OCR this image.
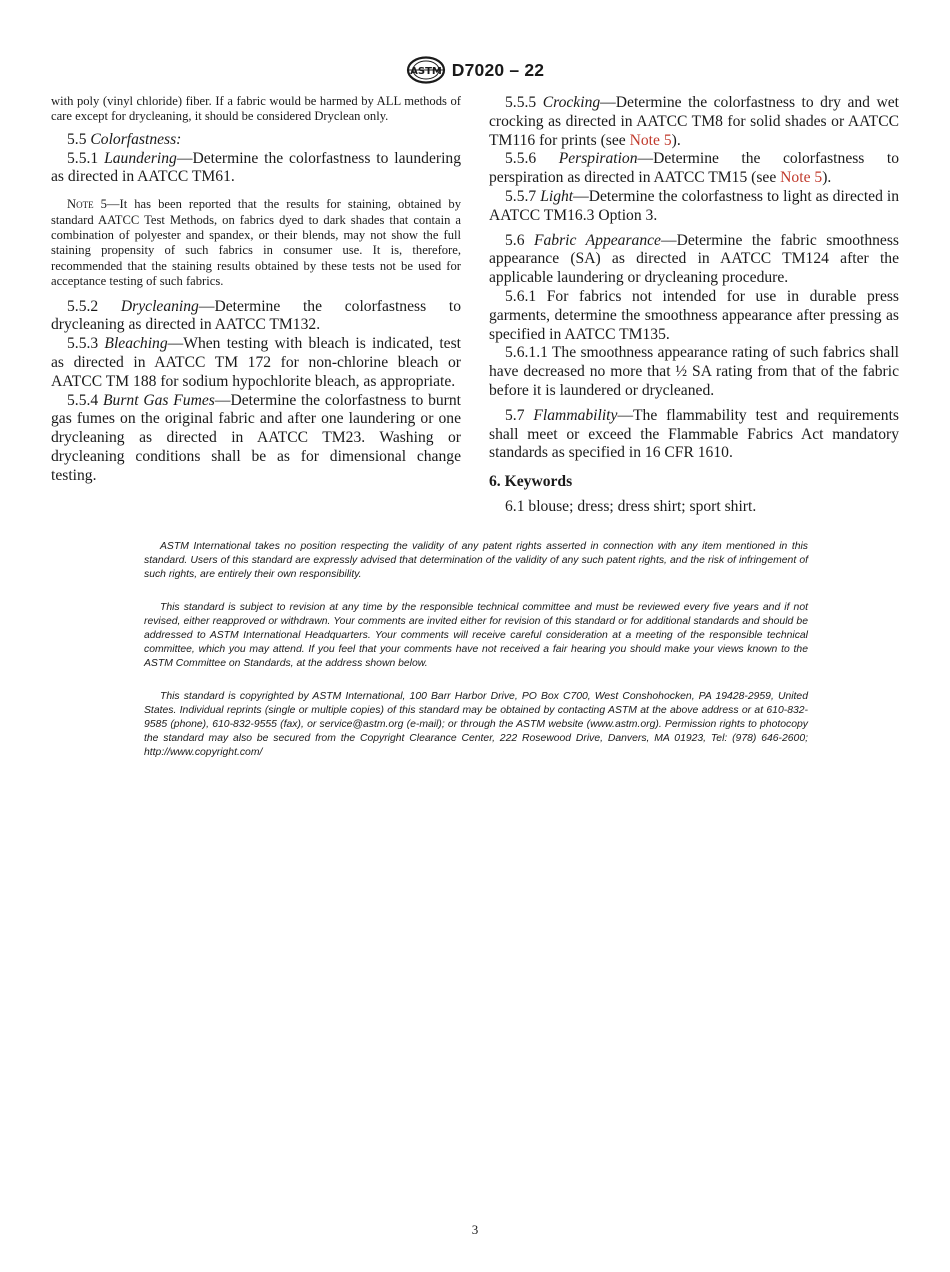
ASTM D7020 – 22

with poly (vinyl chloride) fiber. If a fabric would be harmed by ALL methods of care except for drycleaning, it should be considered Dryclean only.

5.5 Colorfastness:

5.5.1 Laundering—Determine the colorfastness to laundering as directed in AATCC TM61.

Note 5—It has been reported that the results for staining, obtained by standard AATCC Test Methods, on fabrics dyed to dark shades that contain a combination of polyester and spandex, or their blends, may not show the full staining propensity of such fabrics in consumer use. It is, therefore, recommended that the staining results obtained by these tests not be used for acceptance testing of such fabrics.

5.5.2 Drycleaning—Determine the colorfastness to drycleaning as directed in AATCC TM132.

5.5.3 Bleaching—When testing with bleach is indicated, test as directed in AATCC TM 172 for non-chlorine bleach or AATCC TM 188 for sodium hypochlorite bleach, as appropriate.

5.5.4 Burnt Gas Fumes—Determine the colorfastness to burnt gas fumes on the original fabric and after one laundering or one drycleaning as directed in AATCC TM23. Washing or drycleaning conditions shall be as for dimensional change testing.

5.5.5 Crocking—Determine the colorfastness to dry and wet crocking as directed in AATCC TM8 for solid shades or AATCC TM116 for prints (see Note 5).

5.5.6 Perspiration—Determine the colorfastness to perspiration as directed in AATCC TM15 (see Note 5).

5.5.7 Light—Determine the colorfastness to light as directed in AATCC TM16.3 Option 3.

5.6 Fabric Appearance—Determine the fabric smoothness appearance (SA) as directed in AATCC TM124 after the applicable laundering or drycleaning procedure.

5.6.1 For fabrics not intended for use in durable press garments, determine the smoothness appearance after pressing as specified in AATCC TM135.

5.6.1.1 The smoothness appearance rating of such fabrics shall have decreased no more that ½ SA rating from that of the fabric before it is laundered or drycleaned.

5.7 Flammability—The flammability test and requirements shall meet or exceed the Flammable Fabrics Act mandatory standards as specified in 16 CFR 1610.

6. Keywords

6.1 blouse; dress; dress shirt; sport shirt.

ASTM International takes no position respecting the validity of any patent rights asserted in connection with any item mentioned in this standard. Users of this standard are expressly advised that determination of the validity of any such patent rights, and the risk of infringement of such rights, are entirely their own responsibility.

This standard is subject to revision at any time by the responsible technical committee and must be reviewed every five years and if not revised, either reapproved or withdrawn. Your comments are invited either for revision of this standard or for additional standards and should be addressed to ASTM International Headquarters. Your comments will receive careful consideration at a meeting of the responsible technical committee, which you may attend. If you feel that your comments have not received a fair hearing you should make your views known to the ASTM Committee on Standards, at the address shown below.

This standard is copyrighted by ASTM International, 100 Barr Harbor Drive, PO Box C700, West Conshohocken, PA 19428-2959, United States. Individual reprints (single or multiple copies) of this standard may be obtained by contacting ASTM at the above address or at 610-832-9585 (phone), 610-832-9555 (fax), or service@astm.org (e-mail); or through the ASTM website (www.astm.org). Permission rights to photocopy the standard may also be secured from the Copyright Clearance Center, 222 Rosewood Drive, Danvers, MA 01923, Tel: (978) 646-2600; http://www.copyright.com/

3
